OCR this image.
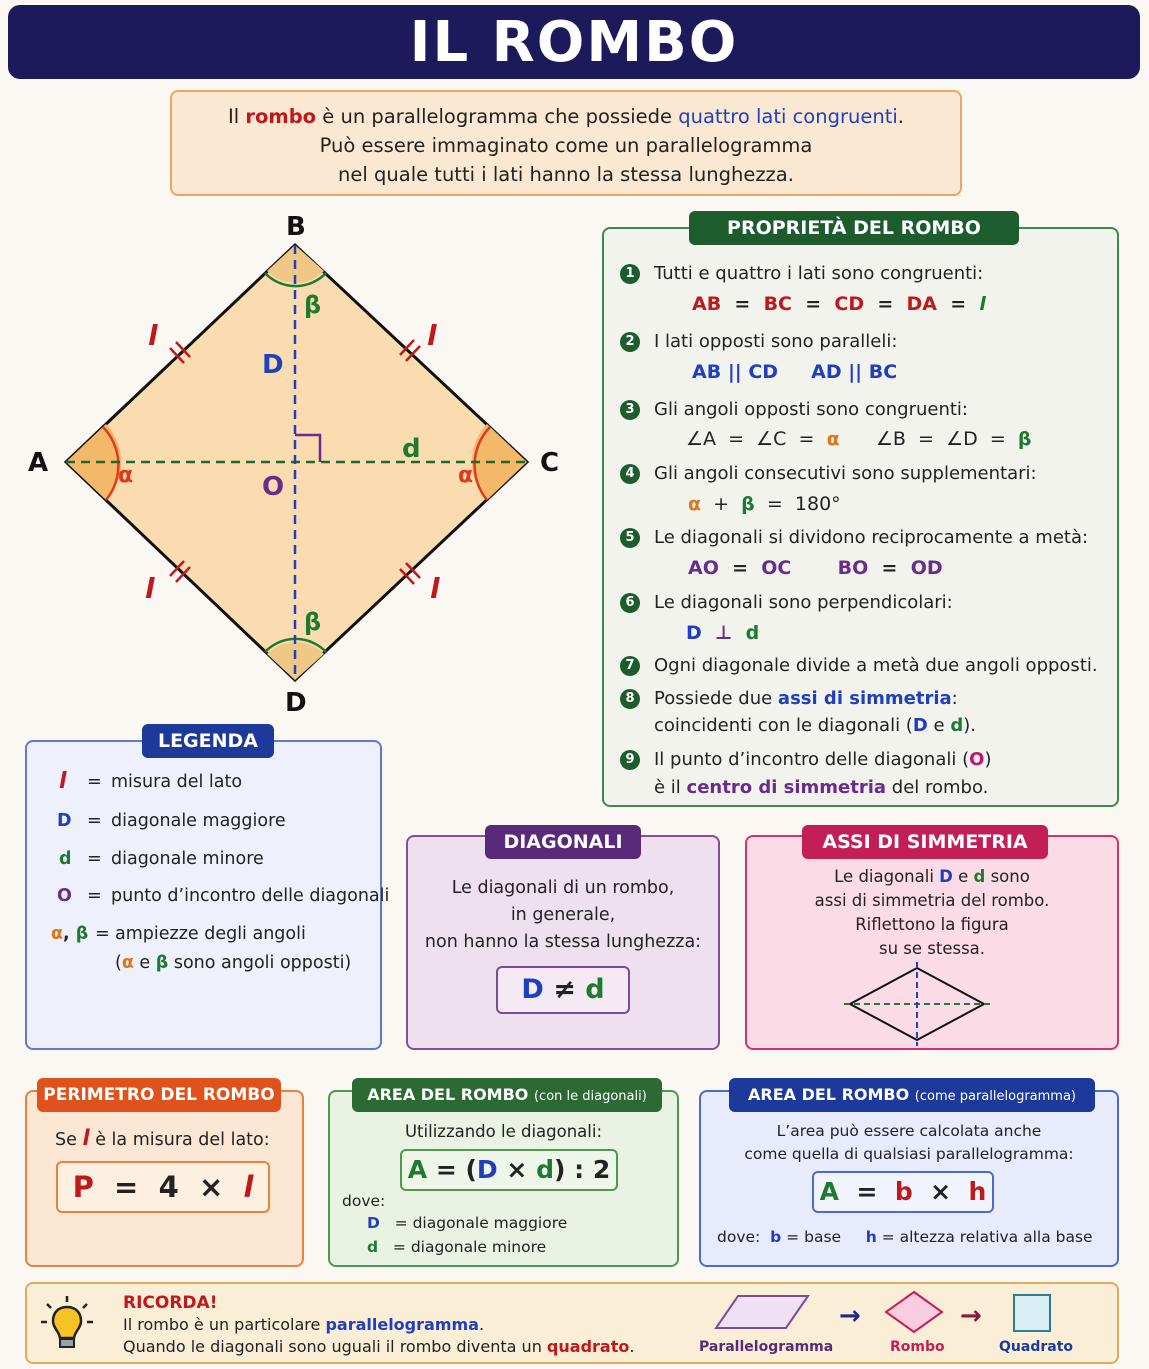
IL ROMBO
Il rombo è un parallelogramma che possiede quattro lati congruenti.
Può essere immaginato come un parallelogramma
nel quale tutti i lati hanno la stessa lunghezza.
A
B
C
D
O
D
d
α	α
β
β
l	l
l	l
PROPRIETÀ DEL ROMBO
1 Tutti e quattro i lati sono congruenti:
AB = BC = CD = DA = l
2 I lati opposti sono paralleli:
AB || CD AD || BC
3 Gli angoli opposti sono congruenti:
∠A = ∠C = α ∠B = ∠D = β
4 Gli angoli consecutivi sono supplementari:
α + β = 180°
5 Le diagonali si dividono reciprocamente a metà:
AO = OC BO = OD
6 Le diagonali sono perpendicolari:
D ⊥ d
7 Ogni diagonale divide a metà due angoli opposti.
8 Possiede due assi di simmetria:
coincidenti con le diagonali (D e d).
9 Il punto d’incontro delle diagonali (O)
è il centro di simmetria del rombo.
LEGENDA
l = misura del lato
D = diagonale maggiore
d = diagonale minore
O = punto d’incontro delle diagonali
α, β = ampiezze degli angoli
(α e β sono angoli opposti)
DIAGONALI
Le diagonali di un rombo,
in generale,
non hanno la stessa lunghezza:
D ≠ d
ASSI DI SIMMETRIA
Le diagonali D e d sono
assi di simmetria del rombo.
Riflettono la figura
su se stessa.
PERIMETRO DEL ROMBO
Se l è la misura del lato:
P = 4 × l
AREA DEL ROMBO (con le diagonali)
Utilizzando le diagonali:
A = (D × d) : 2
dove:
D = diagonale maggiore
d = diagonale minore
AREA DEL ROMBO (come parallelogramma)
L’area può essere calcolata anche
come quella di qualsiasi parallelogramma:
A = b × h
dove: b = base h = altezza relativa alla base
RICORDA!
Il rombo è un particolare parallelogramma.
Quando le diagonali sono uguali il rombo diventa un quadrato.	Parallelogramma
→
Rombo
→
Quadrato
